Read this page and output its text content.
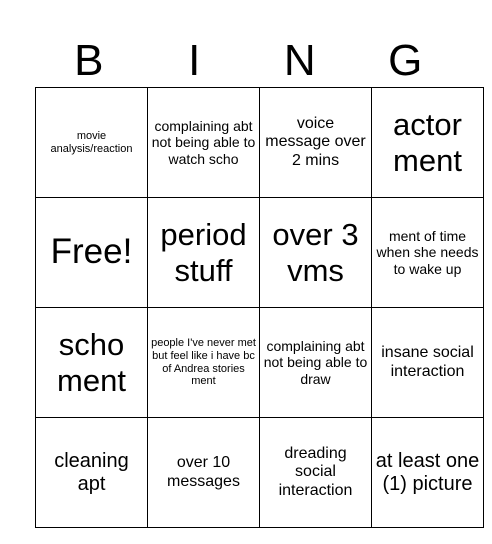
B	I	N	G
movie analysis/reaction	complaining abt not being able to watch scho	voice message over 2 mins	actor ment
Free!	period stuff	over 3 vms	ment of time when she needs to wake up
scho ment	people I've never met but feel like i have bc of Andrea stories ment	complaining abt not being able to draw	insane social interaction
cleaning apt	over 10 messages	dreading social interaction	at least one (1) picture
